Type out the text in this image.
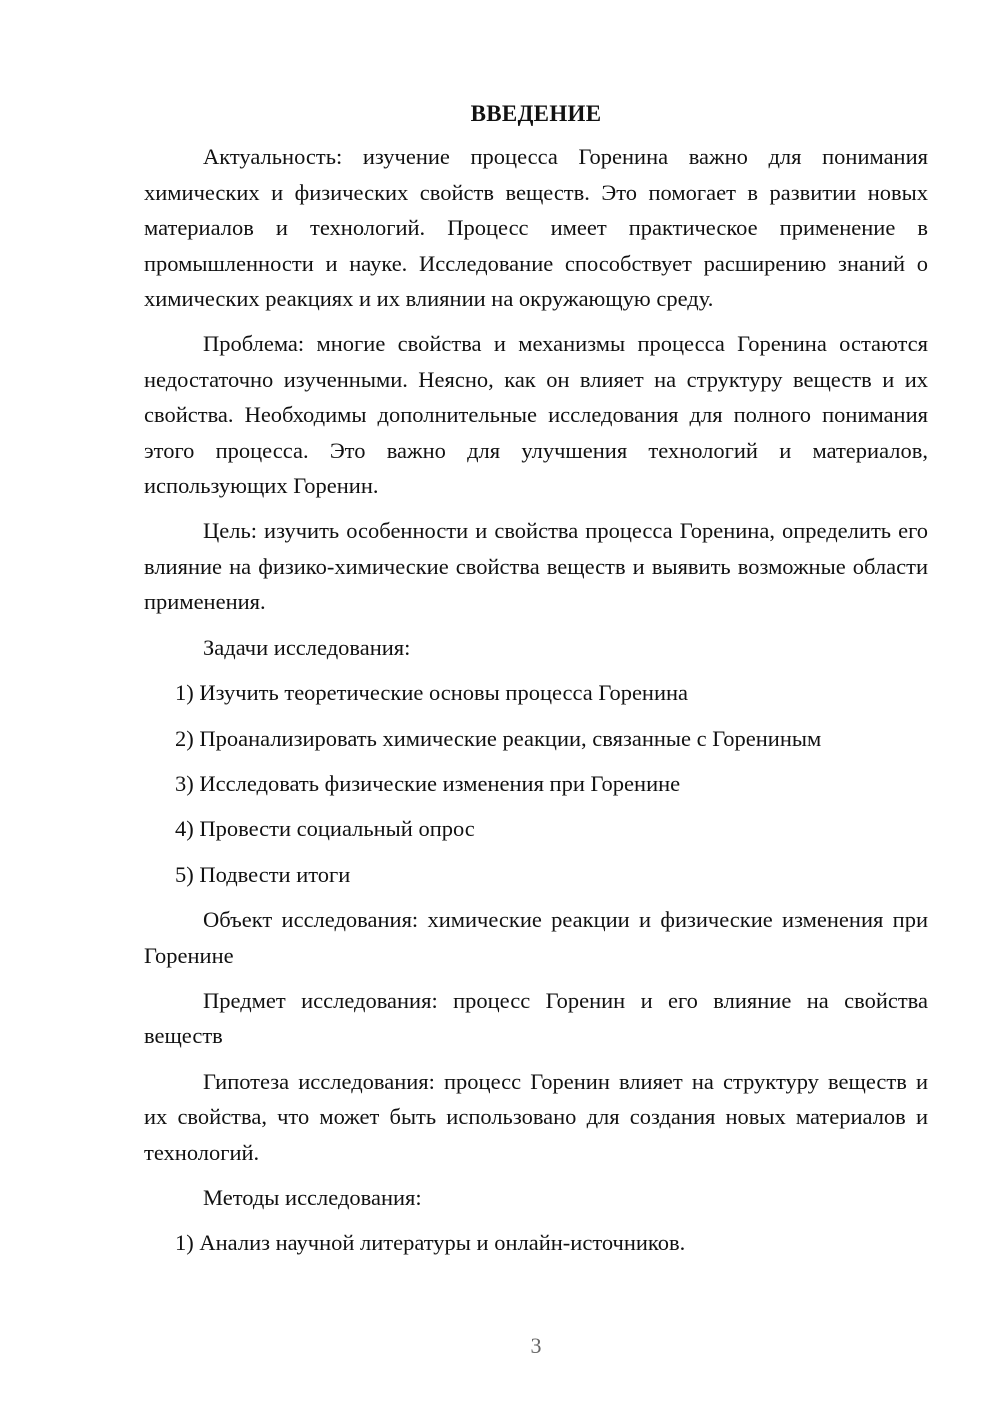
ВВЕДЕНИЕ

Актуальность: изучение процесса Горенина важно для понимания химических и физических свойств веществ. Это помогает в развитии новых материалов и технологий. Процесс имеет практическое применение в промышленности и науке. Исследование способствует расширению знаний о химических реакциях и их влиянии на окружающую среду.

Проблема: многие свойства и механизмы процесса Горенина остаются недостаточно изученными. Неясно, как он влияет на структуру веществ и их свойства. Необходимы дополнительные исследования для полного понимания этого процесса. Это важно для улучшения технологий и материалов, использующих Горенин.

Цель: изучить особенности и свойства процесса Горенина, определить его влияние на физико-химические свойства веществ и выявить возможные области применения.

Задачи исследования:

1) Изучить теоретические основы процесса Горенина

2) Проанализировать химические реакции, связанные с Горениным

3) Исследовать физические изменения при Горенине

4) Провести социальный опрос

5) Подвести итоги

Объект исследования: химические реакции и физические изменения при Горенине

Предмет исследования: процесс Горенин и его влияние на свойства веществ

Гипотеза исследования: процесс Горенин влияет на структуру веществ и их свойства, что может быть использовано для создания новых материалов и технологий.

Методы исследования:

1) Анализ научной литературы и онлайн-источников.

3
